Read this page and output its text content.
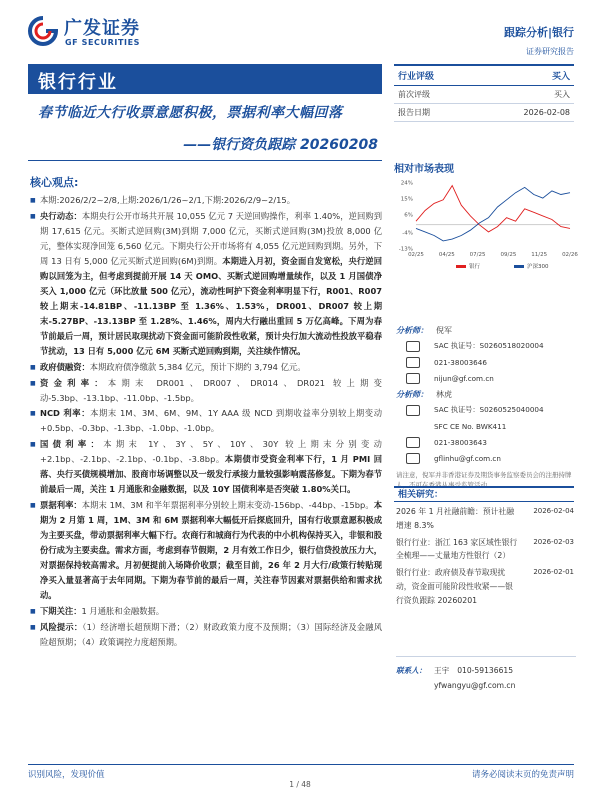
广发证券
GF SECURITIES
跟踪分析|银行
证券研究报告
银行行业
春节临近大行收票意愿积极，票据利率大幅回落
——银行资负跟踪 20260208
行业评级	买入
前次评级	买入
报告日期	2026-02-08
相对市场表现
24%
15%
6%
-4%
-13%
02/25	04/25	07/25	09/25	11/25	02/26
银行	沪深300
核心观点:
■ 本期:2026/2/2~2/8,上期:2026/1/26~2/1,下期:2026/2/9~2/15。
■ 央行动态：本期央行公开市场共开展 10,055 亿元 7 天逆回购操作，利率 1.40%，逆回购到期 17,615 亿元。买断式逆回购(3M)到期 7,000 亿元，买断式逆回购(3M)投放 8,000 亿元，整体实现净回笼 6,560 亿元。下期央行公开市场将有 4,055 亿元逆回购到期。另外，下周 13 日有 5,000 亿元买断式逆回购(6M)到期。本期进入月初，资金面自发宽松，央行逆回购以回笼为主，但考虑到提前开展 14 天 OMO、买断式逆回购增量续作，以及 1 月国债净买入 1,000 亿元（环比放量 500 亿元），流动性呵护下资金利率明显下行，R001、R007 较上期末-14.81BP、-11.13BP 至 1.36%、1.53%，DR001、DR007 较上期末-5.27BP、-13.13BP 至 1.28%、1.46%，周内大行融出重回 5 万亿高峰。下周为春节前最后一周，预计居民取现扰动下资金面可能阶段性收紧，预计央行加大流动性投放平稳春节扰动，13 日有 5,000 亿元 6M 买断式逆回购到期，关注续作情况。
■ 政府债融资：本期政府债净缴款 5,384 亿元，预计下期约 3,794 亿元。
■ 资金利率：本期末 DR001、DR007、DR014、DR021 较上期变动-5.3bp、-13.1bp、-11.0bp、-1.5bp。
■ NCD 利率：本期末 1M、3M、6M、9M、1Y AAA 级 NCD 到期收益率分别较上期变动+0.5bp、-0.3bp、-1.3bp、-1.0bp、-1.0bp。
■ 国债利率：本期末 1Y、3Y、5Y、10Y、30Y 较上期末分别变动+2.1bp、-2.1bp、-2.1bp、-0.1bp、-3.8bp。本期债市受资金利率下行，1 月 PMI 回落、央行买债规模增加、股商市场调整以及一级发行承接力量较强影响震荡修复。下期为春节前最后一周，关注 1 月通胀和金融数据，以及 10Y 国债利率是否突破 1.80%关口。
■ 票据利率：本期末 1M、3M 和半年票据利率分别较上期末变动-156bp、-44bp、-15bp。本期为 2 月第 1 周，1M、3M 和 6M 票据利率大幅低开后探底回升，国有行收票意愿积极成为主要买盘，带动票据利率大幅下行。农商行和城商行为代表的中小机构保持买入，非银和股份行成为主要卖盘。需求方面，考虑到春节假期，2 月有效工作日少，银行信贷投放压力大，对票据保持较高需求。月初便提前入场降价收票；截至目前，26 年 2 月大行/政策行转贴现净买入量显著高于去年同期。下期为春节前的最后一周，关注春节因素对票据供给和需求扰动。
■ 下期关注：1 月通胀和金融数据。
■ 风险提示：（1）经济增长超预期下滑；（2）财政政策力度不及预期；（3）国际经济及金融风险超预期；（4）政策调控力度超预期。
分析师：	倪军
SAC 执证号：S0260518020004
021-38003646
nijun@gf.com.cn
分析师：	林虎
SAC 执证号：S0260525040004
SFC CE No. BWK411
021-38003643
gflinhu@gf.com.cn
请注意，倪军并非香港证券及期货事务监察委员会的注册持牌人，不可在香港从事受监管活动。
相关研究：
2026 年 1 月社融前瞻：预计社融增速 8.3%
2026-02-04
银行行业：浙江 163 家区域性银行全梳理——丈量地方性银行（2）
2026-02-03
银行行业：政府债及春节取现扰动，资金面可能阶段性收紧——银行资负跟踪 20260201
2026-02-01
联系人：	王宇 010-59136615
yfwangyu@gf.com.cn
识别风险，发现价值	请务必阅读末页的免责声明
1 / 48
